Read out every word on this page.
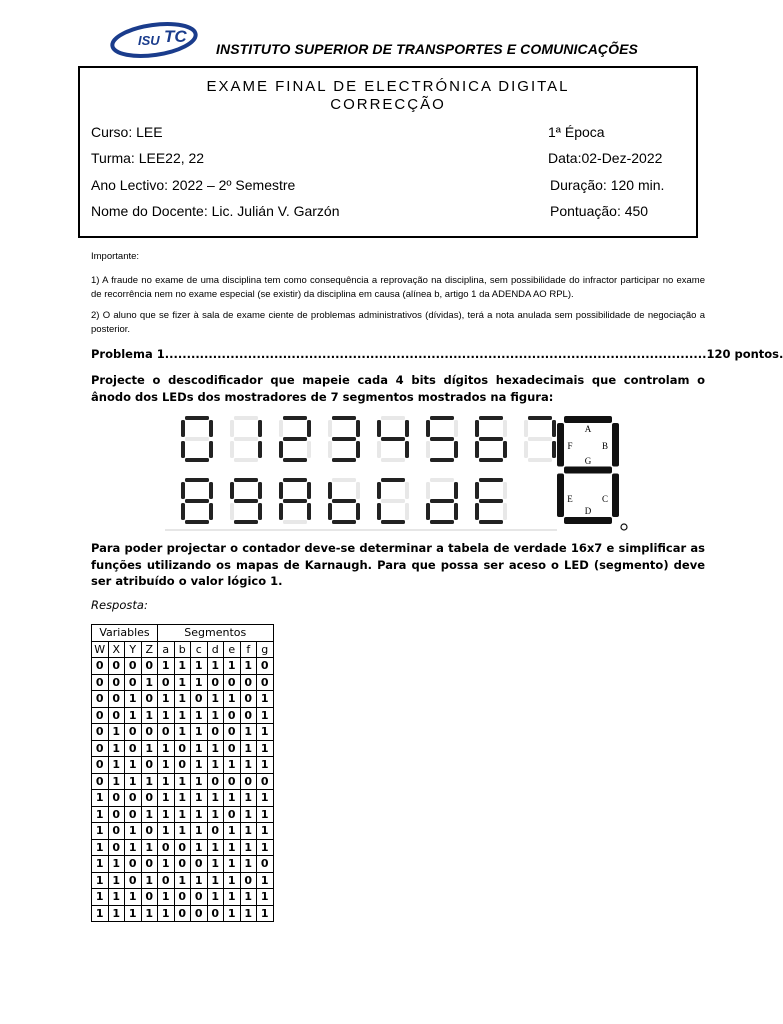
ISU TC
INSTITUTO SUPERIOR DE TRANSPORTES E COMUNICAÇÕES
EXAME FINAL DE ELECTRÓNICA DIGITAL
CORRECÇÃO
Curso: LEE	1ª Época
Turma: LEE22, 22	Data:02-Dez-2022
Ano Lectivo: 2022 – 2º Semestre	Duração: 120 min.
Nome do Docente: Lic. Julián V. Garzón	Pontuação: 450
Importante:
1) A fraude no exame de uma disciplina tem como consequência a reprovação na disciplina, sem possibilidade do infractor participar no exame de recorrência nem no exame especial (se existir) da disciplina em causa (alínea b, artigo 1 da ADENDA AO RPL).
2) O aluno que se fizer à sala de exame ciente de problemas administrativos (dívidas), terá a nota anulada sem possibilidade de negociação a posterior.
Problema 1............................................................................................................................120 pontos.
Projecte o descodificador que mapeie cada 4 bits dígitos hexadecimais que controlam o ânodo dos LEDs dos mostradores de 7 segmentos mostrados na figura:
A
B
C
D
E
F
G
Para poder projectar o contador deve-se determinar a tabela de verdade 16x7 e simplificar as funções utilizando os mapas de Karnaugh. Para que possa ser aceso o LED (segmento) deve ser atribuído o valor lógico 1.
Resposta:
Variables				Segmentos						
W	X	Y	Z	a	b	c	d	e	f	g
0	0	0	0	1	1	1	1	1	1	0
0	0	0	1	0	1	1	0	0	0	0
0	0	1	0	1	1	0	1	1	0	1
0	0	1	1	1	1	1	1	0	0	1
0	1	0	0	0	1	1	0	0	1	1
0	1	0	1	1	0	1	1	0	1	1
0	1	1	0	1	0	1	1	1	1	1
0	1	1	1	1	1	1	0	0	0	0
1	0	0	0	1	1	1	1	1	1	1
1	0	0	1	1	1	1	1	0	1	1
1	0	1	0	1	1	1	0	1	1	1
1	0	1	1	0	0	1	1	1	1	1
1	1	0	0	1	0	0	1	1	1	0
1	1	0	1	0	1	1	1	1	0	1
1	1	1	0	1	0	0	1	1	1	1
1	1	1	1	1	0	0	0	1	1	1
